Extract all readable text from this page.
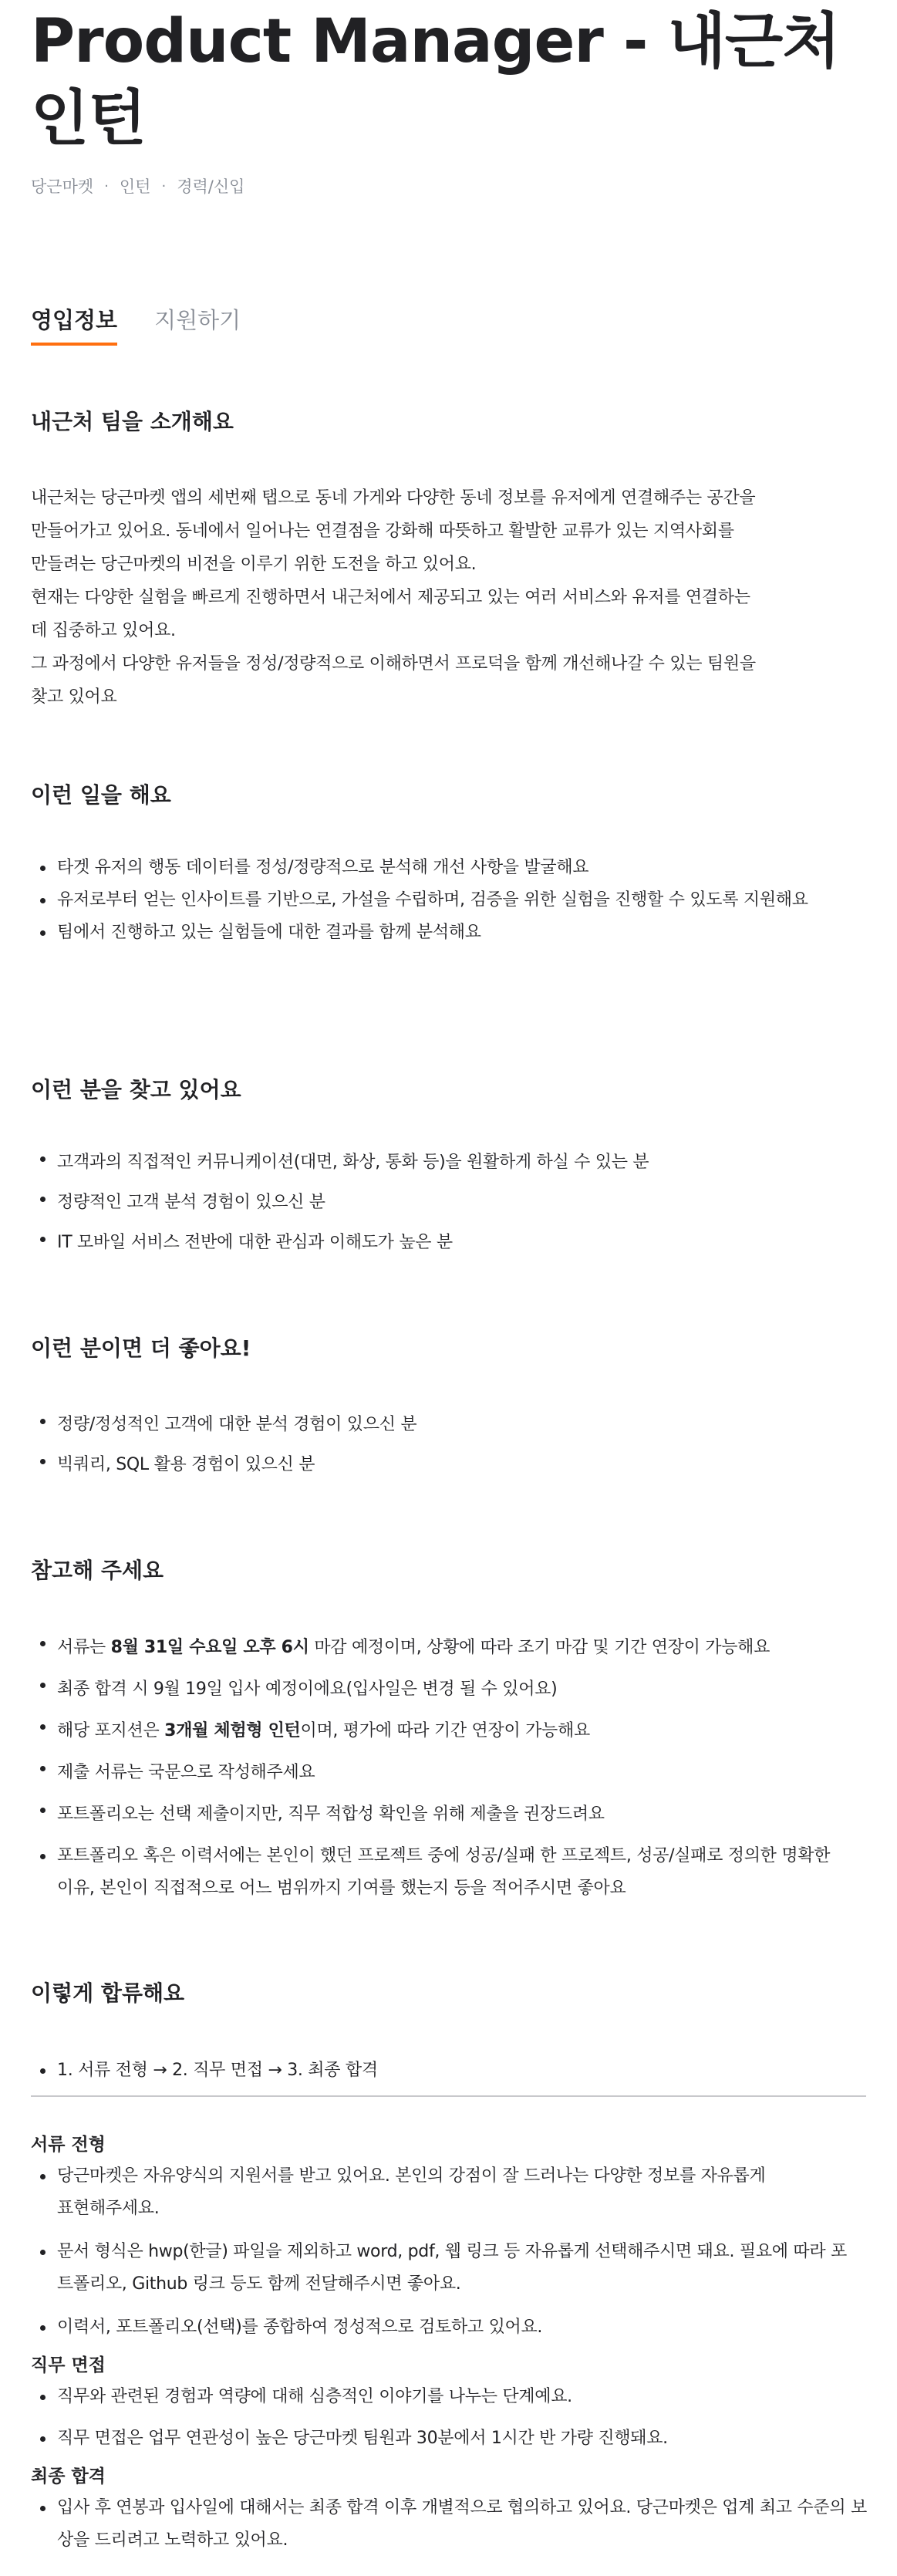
Product Manager - 내근처 인턴
당근마켓 · 인턴 · 경력/신입
영입정보 지원하기
내근처 팀을 소개해요
내근처는 당근마켓 앱의 세번째 탭으로 동네 가게와 다양한 동네 정보를 유저에게 연결해주는 공간을
만들어가고 있어요. 동네에서 일어나는 연결점을 강화해 따뜻하고 활발한 교류가 있는 지역사회를
만들려는 당근마켓의 비전을 이루기 위한 도전을 하고 있어요.
현재는 다양한 실험을 빠르게 진행하면서 내근처에서 제공되고 있는 여러 서비스와 유저를 연결하는
데 집중하고 있어요.
그 과정에서 다양한 유저들을 정성/정량적으로 이해하면서 프로덕을 함께 개선해나갈 수 있는 팀원을
찾고 있어요
이런 일을 해요
타겟 유저의 행동 데이터를 정성/정량적으로 분석해 개선 사항을 발굴해요
유저로부터 얻는 인사이트를 기반으로, 가설을 수립하며, 검증을 위한 실험을 진행할 수 있도록 지원해요
팀에서 진행하고 있는 실험들에 대한 결과를 함께 분석해요
이런 분을 찾고 있어요
고객과의 직접적인 커뮤니케이션(대면, 화상, 통화 등)을 원활하게 하실 수 있는 분
정량적인 고객 분석 경험이 있으신 분
IT 모바일 서비스 전반에 대한 관심과 이해도가 높은 분
이런 분이면 더 좋아요!
정량/정성적인 고객에 대한 분석 경험이 있으신 분
빅쿼리, SQL 활용 경험이 있으신 분
참고해 주세요
서류는 8월 31일 수요일 오후 6시 마감 예정이며, 상황에 따라 조기 마감 및 기간 연장이 가능해요
최종 합격 시 9월 19일 입사 예정이에요(입사일은 변경 될 수 있어요)
해당 포지션은 3개월 체험형 인턴이며, 평가에 따라 기간 연장이 가능해요
제출 서류는 국문으로 작성해주세요
포트폴리오는 선택 제출이지만, 직무 적합성 확인을 위해 제출을 권장드려요
포트폴리오 혹은 이력서에는 본인이 했던 프로젝트 중에 성공/실패 한 프로젝트, 성공/실패로 정의한 명확한 이유, 본인이 직접적으로 어느 범위까지 기여를 했는지 등을 적어주시면 좋아요
이렇게 합류해요
1. 서류 전형 → 2. 직무 면접 → 3. 최종 합격
서류 전형
당근마켓은 자유양식의 지원서를 받고 있어요. 본인의 강점이 잘 드러나는 다양한 정보를 자유롭게 표현해주세요.
문서 형식은 hwp(한글) 파일을 제외하고 word, pdf, 웹 링크 등 자유롭게 선택해주시면 돼요. 필요에 따라 포트폴리오, Github 링크 등도 함께 전달해주시면 좋아요.
이력서, 포트폴리오(선택)를 종합하여 정성적으로 검토하고 있어요.
직무 면접
직무와 관련된 경험과 역량에 대해 심층적인 이야기를 나누는 단계예요.
직무 면접은 업무 연관성이 높은 당근마켓 팀원과 30분에서 1시간 반 가량 진행돼요.
최종 합격
입사 후 연봉과 입사일에 대해서는 최종 합격 이후 개별적으로 협의하고 있어요. 당근마켓은 업계 최고 수준의 보상을 드리려고 노력하고 있어요.
